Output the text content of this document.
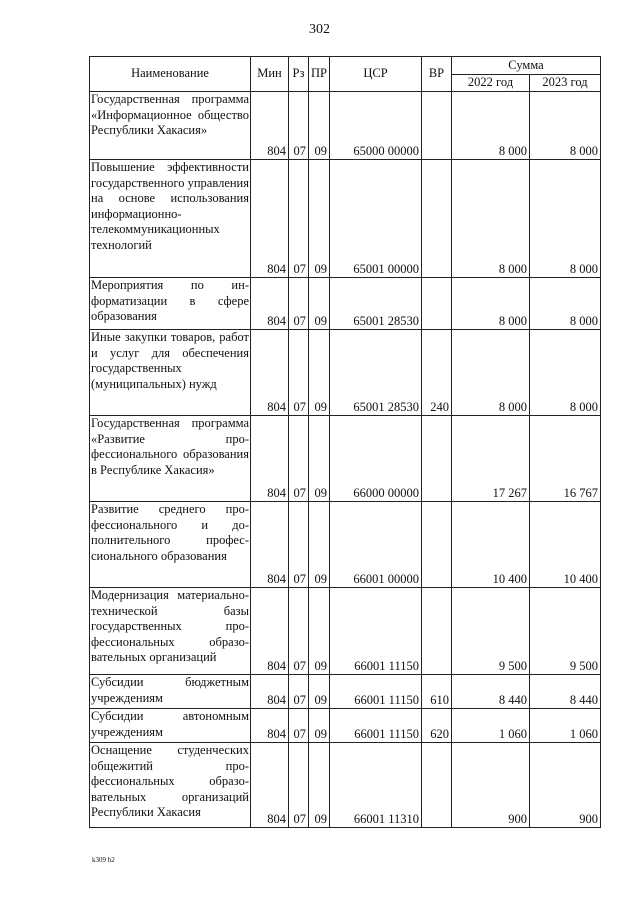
302
Наименование	Мин	Рз	ПР	ЦСР	ВР	Сумма	
						2022 год	2023 год
Государственная программа «Информационное общество Республики Хакасия»	804	07	09	65000 00000		8 000	8 000
Повышение эффективности государственного управления на основе использования информационно-телекоммуникационных технологий	804	07	09	65001 00000		8 000	8 000
Мероприятия по информатизации в сфере образования	804	07	09	65001 28530		8 000	8 000
Иные закупки товаров, работ и услуг для обеспечения государственных (муниципальных) нужд	804	07	09	65001 28530	240	8 000	8 000
Государственная программа «Развитие профессионального образования в Республике Хакасия»	804	07	09	66000 00000		17 267	16 767
Развитие среднего профессионального и дополнительного профессионального образования	804	07	09	66001 00000		10 400	10 400
Модернизация материально-технической базы государственных профессиональных образовательных организаций	804	07	09	66001 11150		9 500	9 500
Субсидии бюджетным учреждениям	804	07	09	66001 11150	610	8 440	8 440
Субсидии автономным учреждениям	804	07	09	66001 11150	620	1 060	1 060
Оснащение студенческих общежитий профессиональных образовательных организаций Республики Хакасия	804	07	09	66001 11310		900	900
k309 b2
